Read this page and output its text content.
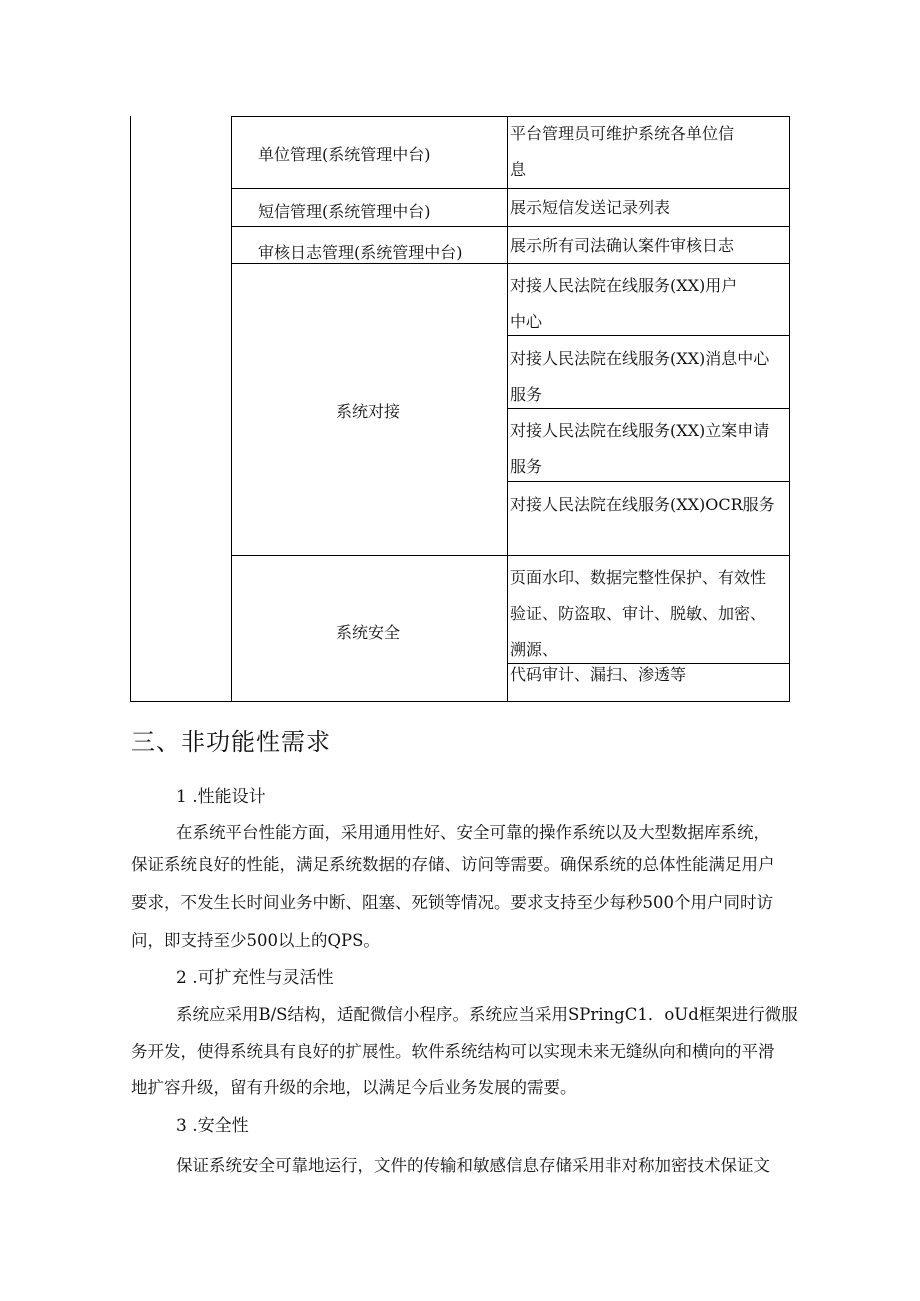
单位管理(系统管理中台)
平台管理员可维护系统各单位信
息
短信管理(系统管理中台)	展示短信发送记录列表
审核日志管理(系统管理中台)	展示所有司法确认案件审核日志
系统对接
对接人民法院在线服务(XX)用户
中心
对接人民法院在线服务(XX)消息中心
服务
对接人民法院在线服务(XX)立案申请
服务
对接人民法院在线服务(XX)OCR服务
系统安全
页面水印、数据完整性保护、有效性
验证、防盗取、审计、脱敏、加密、
溯源、
代码审计、漏扫、渗透等
三、非功能性需求
1 .性能设计
在系统平台性能方面，采用通用性好、安全可靠的操作系统以及大型数据库系统，
保证系统良好的性能，满足系统数据的存储、访问等需要。确保系统的总体性能满足用户
要求，不发生长时间业务中断、阻塞、死锁等情况。要求支持至少每秒500个用户同时访
问，即支持至少500以上的QPS。
2 .可扩充性与灵活性
系统应采用B/S结构，适配微信小程序。系统应当采用SPringC1．oUd框架进行微服
务开发，使得系统具有良好的扩展性。软件系统结构可以实现未来无缝纵向和横向的平滑
地扩容升级，留有升级的余地，以满足今后业务发展的需要。
3 .安全性
保证系统安全可靠地运行，文件的传输和敏感信息存储采用非对称加密技术保证文
